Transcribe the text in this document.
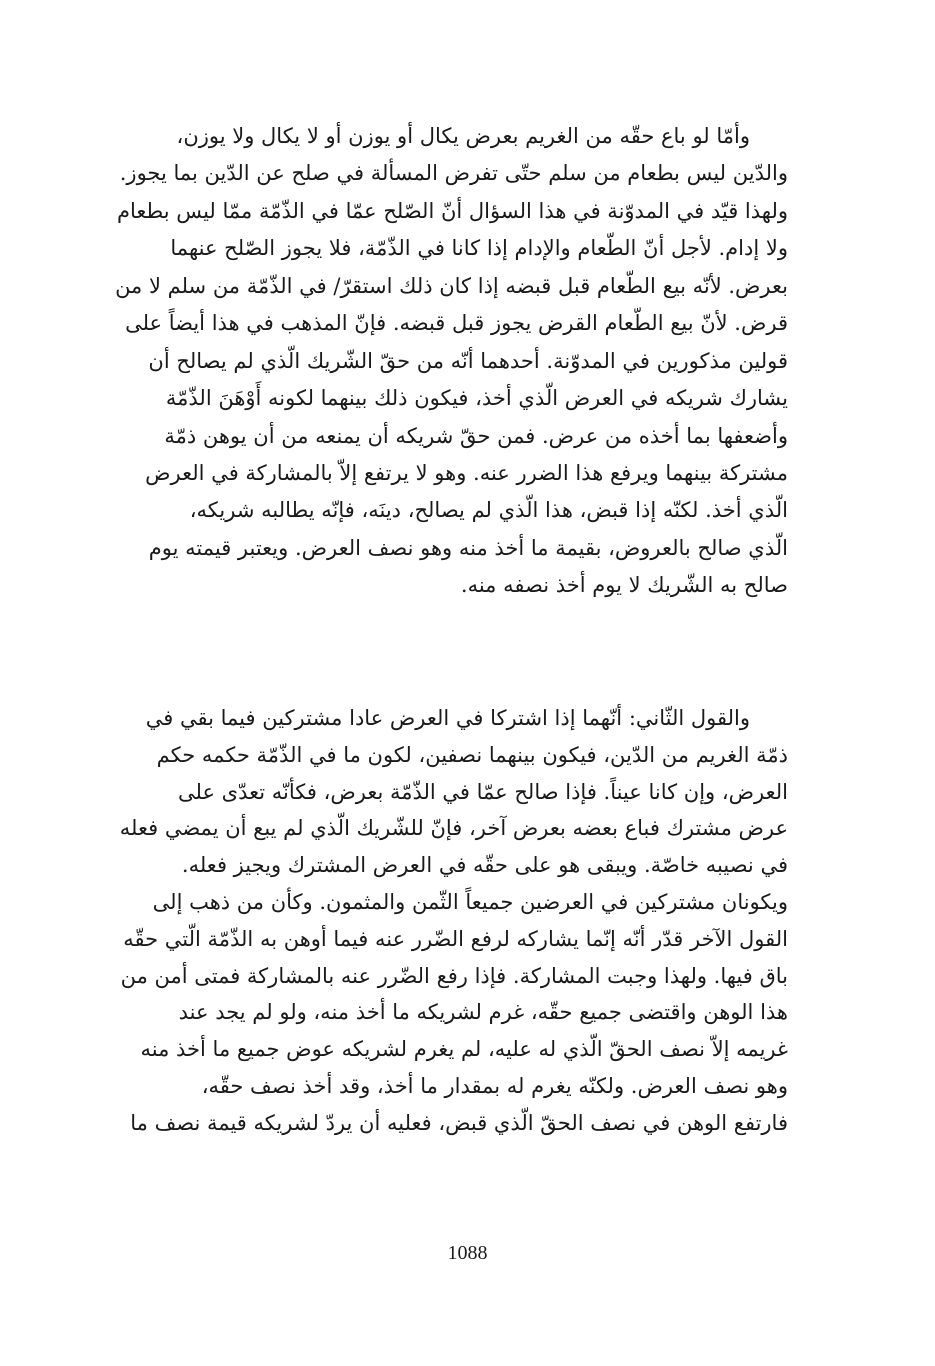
وأمّا لو باع حقّه من الغريم بعرض يكال أو يوزن أو لا يكال ولا يوزن،
والدّين ليس بطعام من سلم حتّى تفرض المسألة في صلح عن الدّين بما يجوز.
ولهذا قيّد في المدوّنة في هذا السؤال أنّ الصّلح عمّا في الذّمّة ممّا ليس بطعام
ولا إدام. لأجل أنّ الطّعام والإدام إذا كانا في الذّمّة، فلا يجوز الصّلح عنهما
بعرض. لأنّه بيع الطّعام قبل قبضه إذا كان ذلك استقرّ/ في الذّمّة من سلم لا من
قرض. لأنّ بيع الطّعام القرض يجوز قبل قبضه. فإنّ المذهب في هذا أيضاً على
قولين مذكورين في المدوّنة. أحدهما أنّه من حقّ الشّريك الّذي لم يصالح أن
يشارك شريكه في العرض الّذي أخذ، فيكون ذلك بينهما لكونه أَوْهَنَ الذّمّة
وأضعفها بما أخذه من عرض. فمن حقّ شريكه أن يمنعه من أن يوهن ذمّة
مشتركة بينهما ويرفع هذا الضرر عنه. وهو لا يرتفع إلاّ بالمشاركة في العرض
الّذي أخذ. لكنّه إذا قبض، هذا الّذي لم يصالح، دينَه، فإنّه يطالبه شريكه،
الّذي صالح بالعروض، بقيمة ما أخذ منه وهو نصف العرض. ويعتبر قيمته يوم
صالح به الشّريك لا يوم أخذ نصفه منه.
والقول الثّاني: أنّهما إذا اشتركا في العرض عادا مشتركين فيما بقي في
ذمّة الغريم من الدّين، فيكون بينهما نصفين، لكون ما في الذّمّة حكمه حكم
العرض، وإن كانا عيناً. فإذا صالح عمّا في الذّمّة بعرض، فكأنّه تعدّى على
عرض مشترك فباع بعضه بعرض آخر، فإنّ للشّريك الّذي لم يبع أن يمضي فعله
في نصيبه خاصّة. ويبقى هو على حقّه في العرض المشترك ويجيز فعله.
ويكونان مشتركين في العرضين جميعاً الثّمن والمثمون. وكأن من ذهب إلى
القول الآخر قدّر أنّه إنّما يشاركه لرفع الضّرر عنه فيما أوهن به الذّمّة الّتي حقّه
باق فيها. ولهذا وجبت المشاركة. فإذا رفع الضّرر عنه بالمشاركة فمتى أمن من
هذا الوهن واقتضى جميع حقّه، غرم لشريكه ما أخذ منه، ولو لم يجد عند
غريمه إلاّ نصف الحقّ الّذي له عليه، لم يغرم لشريكه عوض جميع ما أخذ منه
وهو نصف العرض. ولكنّه يغرم له بمقدار ما أخذ، وقد أخذ نصف حقّه،
فارتفع الوهن في نصف الحقّ الّذي قبض، فعليه أن يردّ لشريكه قيمة نصف ما
1088
